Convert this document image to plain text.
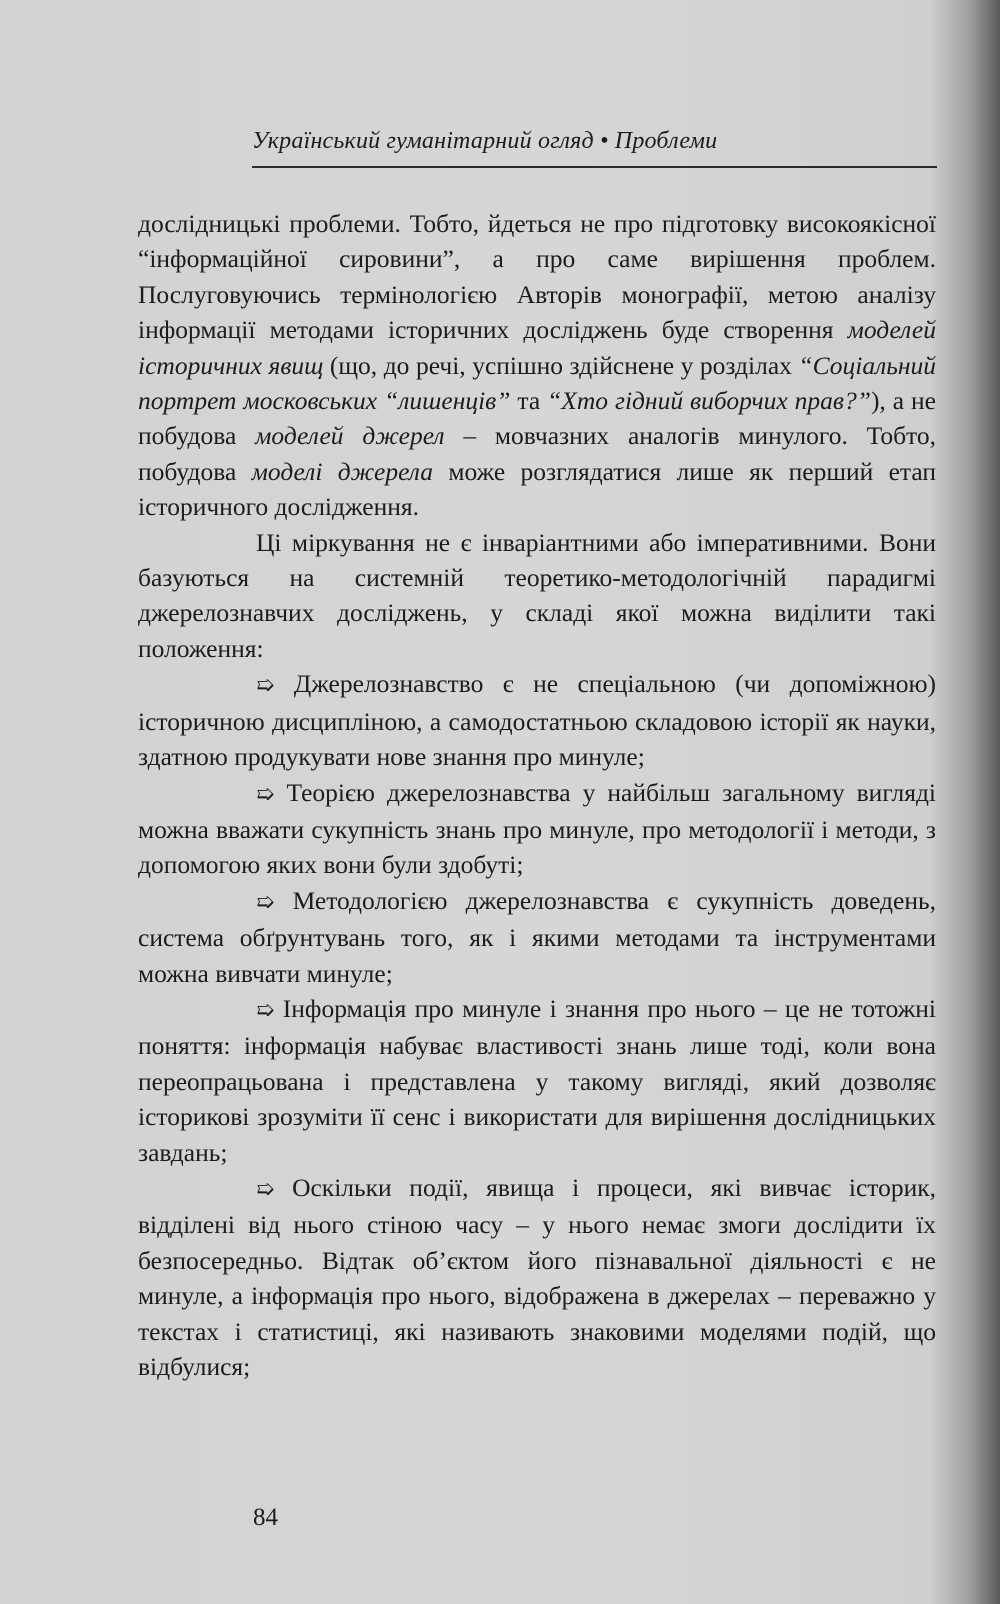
Український гуманітарний огляд • Проблеми

дослідницькі проблеми. Тобто, йдеться не про підготовку високоякісної “інформаційної сировини”, а про саме вирішення проблем. Послуговуючись термінологією Авторів монографії, метою аналізу інформації методами історичних досліджень буде створення моделей історичних явищ (що, до речі, успішно здійснене у розділах “Соціальний портрет московських “лишенців” та “Хто гідний виборчих прав?”), а не побудова моделей джерел – мовчазних аналогів минулого. Тобто, побудова моделі джерела може розглядатися лише як перший етап історичного дослідження.

Ці міркування не є інваріантними або імперативними. Вони базуються на системній теоретико-методологічній парадигмі джерелознавчих досліджень, у складі якої можна виділити такі положення:

➯ Джерелознавство є не спеціальною (чи допоміжною) історичною дисципліною, а самодостатньою складовою історії як науки, здатною продукувати нове знання про минуле;

➯ Теорією джерелознавства у найбільш загальному вигляді можна вважати сукупність знань про минуле, про методології і методи, з допомогою яких вони були здобуті;

➯ Методологією джерелознавства є сукупність доведень, система обґрунтувань того, як і якими методами та інструментами можна вивчати минуле;

➯ Інформація про минуле і знання про нього – це не тотожні поняття: інформація набуває властивості знань лише тоді, коли вона переопрацьована і представлена у такому вигляді, який дозволяє історикові зрозуміти її сенс і використати для вирішення дослідницьких завдань;

➯ Оскільки події, явища і процеси, які вивчає історик, відділені від нього стіною часу – у нього немає змоги дослідити їх безпосередньо. Відтак об’єктом його пізнавальної діяльності є не минуле, а інформація про нього, відображена в джерелах – переважно у текстах і статистиці, які називають знаковими моделями подій, що відбулися;

84
